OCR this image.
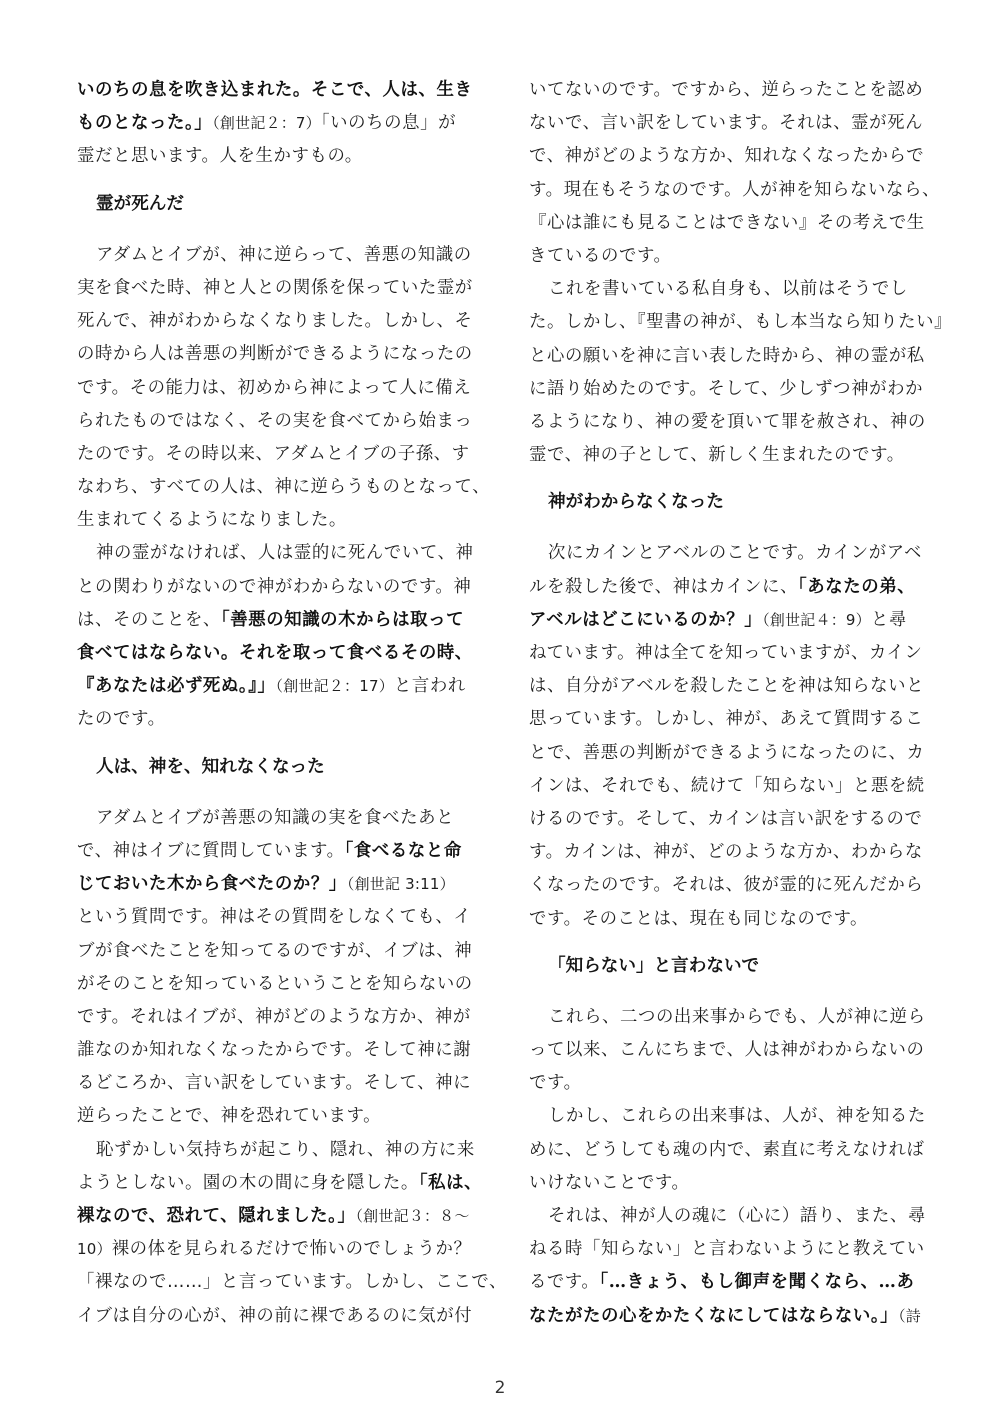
いのちの息を吹き込まれた。そこで、人は、生き
ものとなった。」（創世記２：7）「いのちの息」が
霊だと思います。人を生かすもの。
霊が死んだ
アダムとイブが、神に逆らって、善悪の知識の
実を食べた時、神と人との関係を保っていた霊が
死んで、神がわからなくなりました。しかし、そ
の時から人は善悪の判断ができるようになったの
です。その能力は、初めから神によって人に備え
られたものではなく、その実を食べてから始まっ
たのです。その時以来、アダムとイブの子孫、す
なわち、すべての人は、神に逆らうものとなって、
生まれてくるようになりました。
神の霊がなければ、人は霊的に死んでいて、神
との関わりがないので神がわからないのです。神
は、そのことを、「善悪の知識の木からは取って
食べてはならない。それを取って食べるその時、
『あなたは必ず死ぬ。』」（創世記２：17）と言われ
たのです。
人は、神を、知れなくなった
アダムとイブが善悪の知識の実を食べたあと
で、神はイブに質問しています。「食べるなと命
じておいた木から食べたのか？」（創世記 3:11）
という質問です。神はその質問をしなくても、イ
ブが食べたことを知ってるのですが、イブは、神
がそのことを知っているということを知らないの
です。それはイブが、神がどのような方か、神が
誰なのか知れなくなったからです。そして神に謝
るどころか、言い訳をしています。そして、神に
逆らったことで、神を恐れています。
恥ずかしい気持ちが起こり、隠れ、神の方に来
ようとしない。園の木の間に身を隠した。「私は、
裸なので、恐れて、隠れました。」（創世記３：８～
10）裸の体を見られるだけで怖いのでしょうか？
「裸なので……」と言っています。しかし、ここで、
イブは自分の心が、神の前に裸であるのに気が付
いてないのです。ですから、逆らったことを認め
ないで、言い訳をしています。それは、霊が死ん
で、神がどのような方か、知れなくなったからで
す。現在もそうなのです。人が神を知らないなら、
『心は誰にも見ることはできない』その考えで生
きているのです。
これを書いている私自身も、以前はそうでし
た。しかし、『聖書の神が、もし本当なら知りたい』
と心の願いを神に言い表した時から、神の霊が私
に語り始めたのです。そして、少しずつ神がわか
るようになり、神の愛を頂いて罪を赦され、神の
霊で、神の子として、新しく生まれたのです。
神がわからなくなった
次にカインとアベルのことです。カインがアベ
ルを殺した後で、神はカインに、「あなたの弟、
アベルはどこにいるのか？」（創世記４：9）と尋
ねています。神は全てを知っていますが、カイン
は、自分がアベルを殺したことを神は知らないと
思っています。しかし、神が、あえて質問するこ
とで、善悪の判断ができるようになったのに、カ
インは、それでも、続けて「知らない」と悪を続
けるのです。そして、カインは言い訳をするので
す。カインは、神が、どのような方か、わからな
くなったのです。それは、彼が霊的に死んだから
です。そのことは、現在も同じなのです。
「知らない」と言わないで
これら、二つの出来事からでも、人が神に逆ら
って以来、こんにちまで、人は神がわからないの
です。
しかし、これらの出来事は、人が、神を知るた
めに、どうしても魂の内で、素直に考えなければ
いけないことです。
それは、神が人の魂に（心に）語り、また、尋
ねる時「知らない」と言わないようにと教えてい
るです。「…きょう、もし御声を聞くなら、…あ
なたがたの心をかたくなにしてはならない。」（詩
2
